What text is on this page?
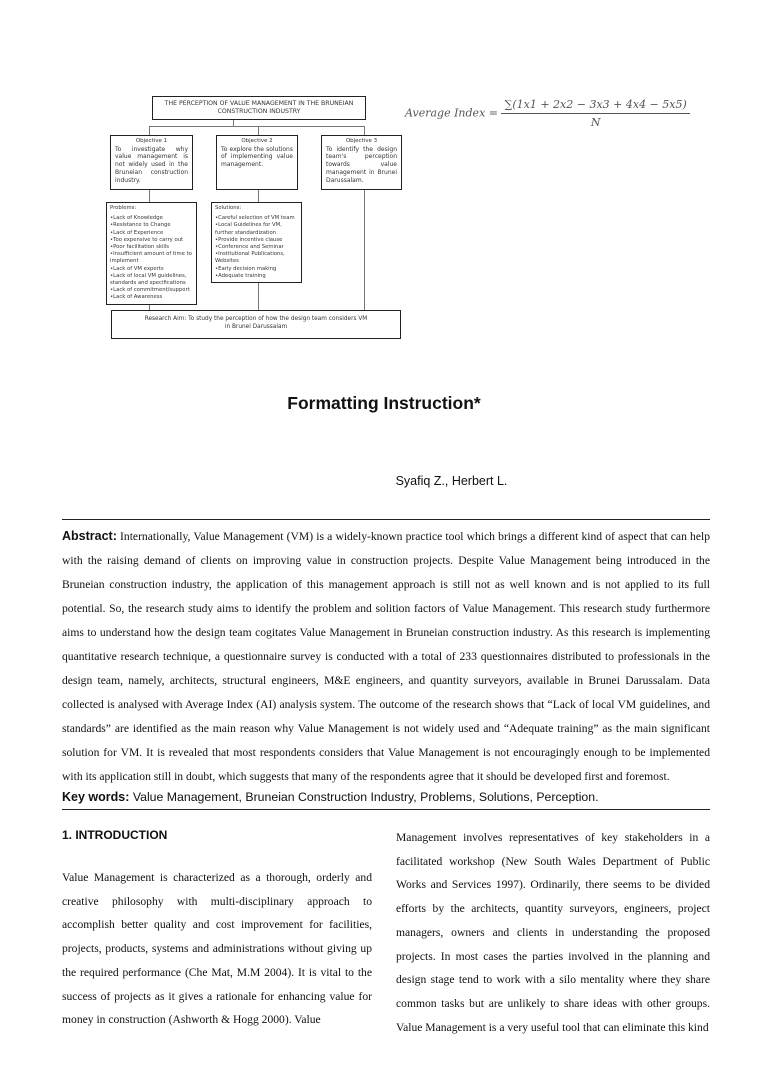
THE PERCEPTION OF VALUE MANAGEMENT IN THE BRUNEIAN CONSTRUCTION INDUSTRY
Objective 1
To investigate why value management is not widely used in the Bruneian construction industry.
Objective 2
To explore the solutions of implementing value management.
Objective 3
To identify the design team's perception towards value management in Brunei Darussalam.
Problems:
•Lack of Knowledge
•Resistance to Change
•Lack of Experience
•Too expensive to carry out
•Poor facilitation skills
•Insufficient amount of time to implement
•Lack of VM experts
•Lack of local VM guidelines, standards and specifications
•Lack of commitment/support
•Lack of Awareness
Solutions:
•Careful selection of VM team
•Local Guidelines for VM, further standardization
•Provide incentive clause
•Conference and Seminar
•Institutional Publications, Websites
•Early decision making
•Adequate training
Research Aim: To study the perception of how the design team considers VM in Brunei Darussalam
Average Index = $\frac{\sum(1x1 + 2x2 - 3x3 + 4x4 - 5x5)}{N}$
Formatting Instruction*
Syafiq Z., Herbert L.
Abstract: Internationally, Value Management (VM) is a widely-known practice tool which brings a different kind of aspect that can help with the raising demand of clients on improving value in construction projects. Despite Value Management being introduced in the Bruneian construction industry, the application of this management approach is still not as well known and is not applied to its full potential. So, the research study aims to identify the problem and solition factors of Value Management. This research study furthermore aims to understand how the design team cogitates Value Management in Bruneian construction industry. As this research is implementing quantitative research technique, a questionnaire survey is conducted with a total of 233 questionnaires distributed to professionals in the design team, namely, architects, structural engineers, M&E engineers, and quantity surveyors, available in Brunei Darussalam. Data collected is analysed with Average Index (AI) analysis system. The outcome of the research shows that “Lack of local VM guidelines, and standards” are identified as the main reason why Value Management is not widely used and “Adequate training” as the main significant solution for VM. It is revealed that most respondents considers that Value Management is not encouragingly enough to be implemented with its application still in doubt, which suggests that many of the respondents agree that it should be developed first and foremost.
Key words: Value Management, Bruneian Construction Industry, Problems, Solutions, Perception.
1. INTRODUCTION
Value Management is characterized as a thorough, orderly and creative philosophy with multi-disciplinary approach to accomplish better quality and cost improvement for facilities, projects, products, systems and administrations without giving up the required performance (Che Mat, M.M 2004). It is vital to the success of projects as it gives a rationale for enhancing value for money in construction (Ashworth & Hogg 2000). Value
Management involves representatives of key stakeholders in a facilitated workshop (New South Wales Department of Public Works and Services 1997). Ordinarily, there seems to be divided efforts by the architects, quantity surveyors, engineers, project managers, owners and clients in understanding the proposed projects. In most cases the parties involved in the planning and design stage tend to work with a silo mentality where they share common tasks but are unlikely to share ideas with other groups. Value Management is a very useful tool that can eliminate this kind
